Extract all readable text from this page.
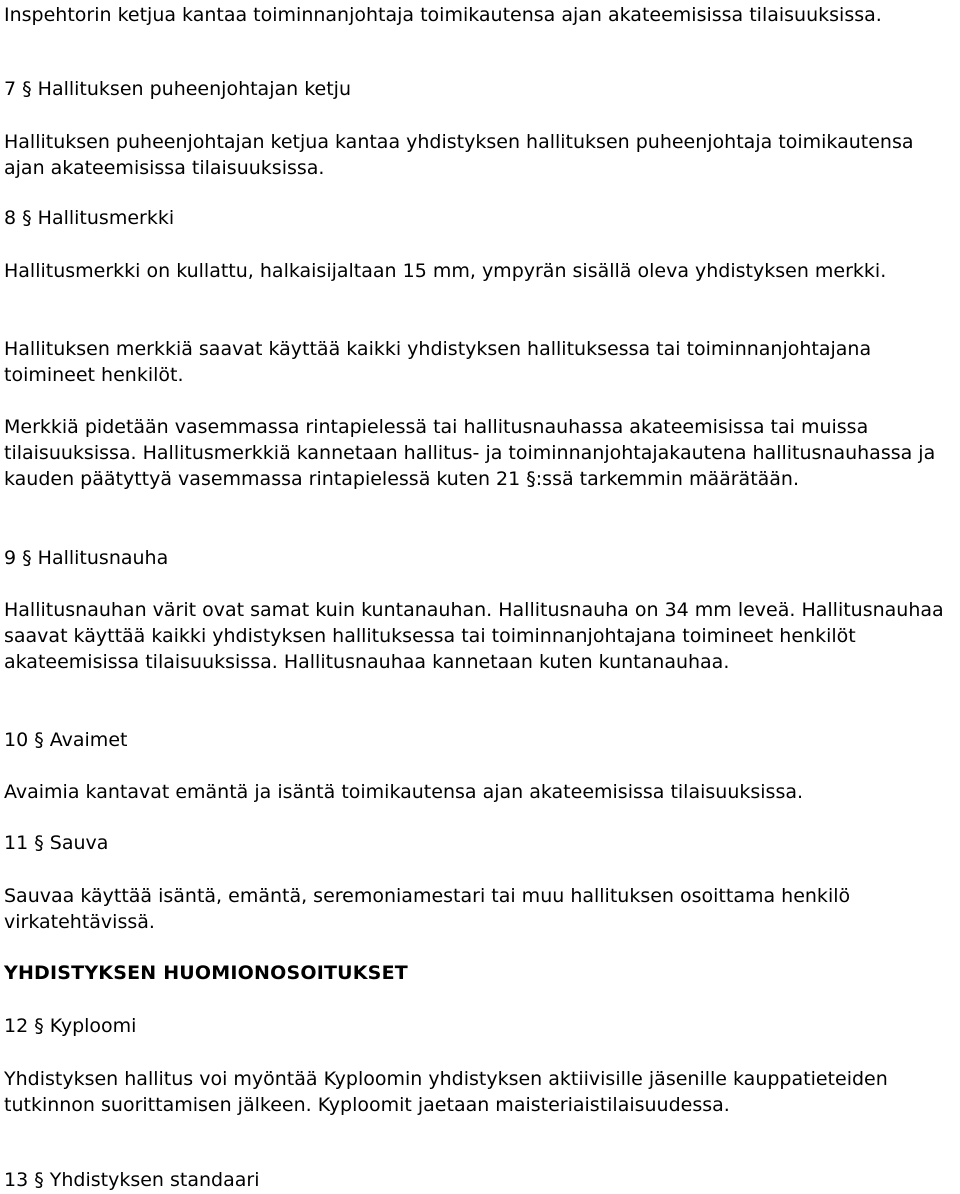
Inspehtorin ketjua kantaa toiminnanjohtaja toimikautensa ajan akateemisissa tilaisuuksissa.

7 § Hallituksen puheenjohtajan ketju

Hallituksen puheenjohtajan ketjua kantaa yhdistyksen hallituksen puheenjohtaja toimikautensa ajan akateemisissa tilaisuuksissa.

8 § Hallitusmerkki

Hallitusmerkki on kullattu, halkaisijaltaan 15 mm, ympyrän sisällä oleva yhdistyksen merkki.

Hallituksen merkkiä saavat käyttää kaikki yhdistyksen hallituksessa tai toiminnanjohtajana toimineet henkilöt.

Merkkiä pidetään vasemmassa rintapielessä tai hallitusnauhassa akateemisissa tai muissa tilaisuuksissa. Hallitusmerkkiä kannetaan hallitus- ja toiminnanjohtajakautena hallitusnauhassa ja kauden päätyttyä vasemmassa rintapielessä kuten 21 §:ssä tarkemmin määrätään.

9 § Hallitusnauha

Hallitusnauhan värit ovat samat kuin kuntanauhan. Hallitusnauha on 34 mm leveä. Hallitusnauhaa saavat käyttää kaikki yhdistyksen hallituksessa tai toiminnanjohtajana toimineet henkilöt akateemisissa tilaisuuksissa. Hallitusnauhaa kannetaan kuten kuntanauhaa.

10 § Avaimet

Avaimia kantavat emäntä ja isäntä toimikautensa ajan akateemisissa tilaisuuksissa.

11 § Sauva

Sauvaa käyttää isäntä, emäntä, seremoniamestari tai muu hallituksen osoittama henkilö virkatehtävissä.

YHDISTYKSEN HUOMIONOSOITUKSET

12 § Kyploomi

Yhdistyksen hallitus voi myöntää Kyploomin yhdistyksen aktiivisille jäsenille kauppatieteiden tutkinnon suorittamisen jälkeen. Kyploomit jaetaan maisteriaistilaisuudessa.

13 § Yhdistyksen standaari
